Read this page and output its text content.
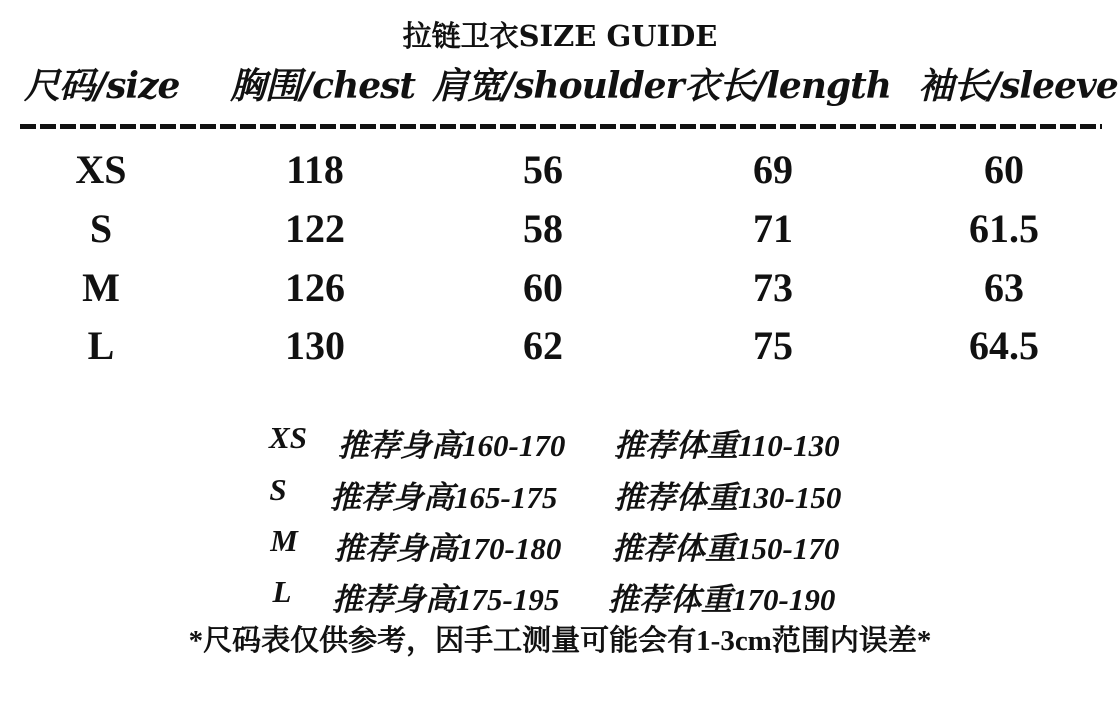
拉链卫衣SIZE GUIDE
尺码/size 胸围/chest 肩宽/shoulder 衣长/length 袖长/sleeve
XS	118	56	69	60
S	122	58	71	61.5
M	126	60	73	63
L	130	62	75	64.5
XS	推荐身高160-170 推荐体重110-130
S	推荐身高165-175 推荐体重130-150
M	推荐身高170-180 推荐体重150-170
L	推荐身高175-195 推荐体重170-190
*尺码表仅供参考，因手工测量可能会有1-3cm范围内误差*
